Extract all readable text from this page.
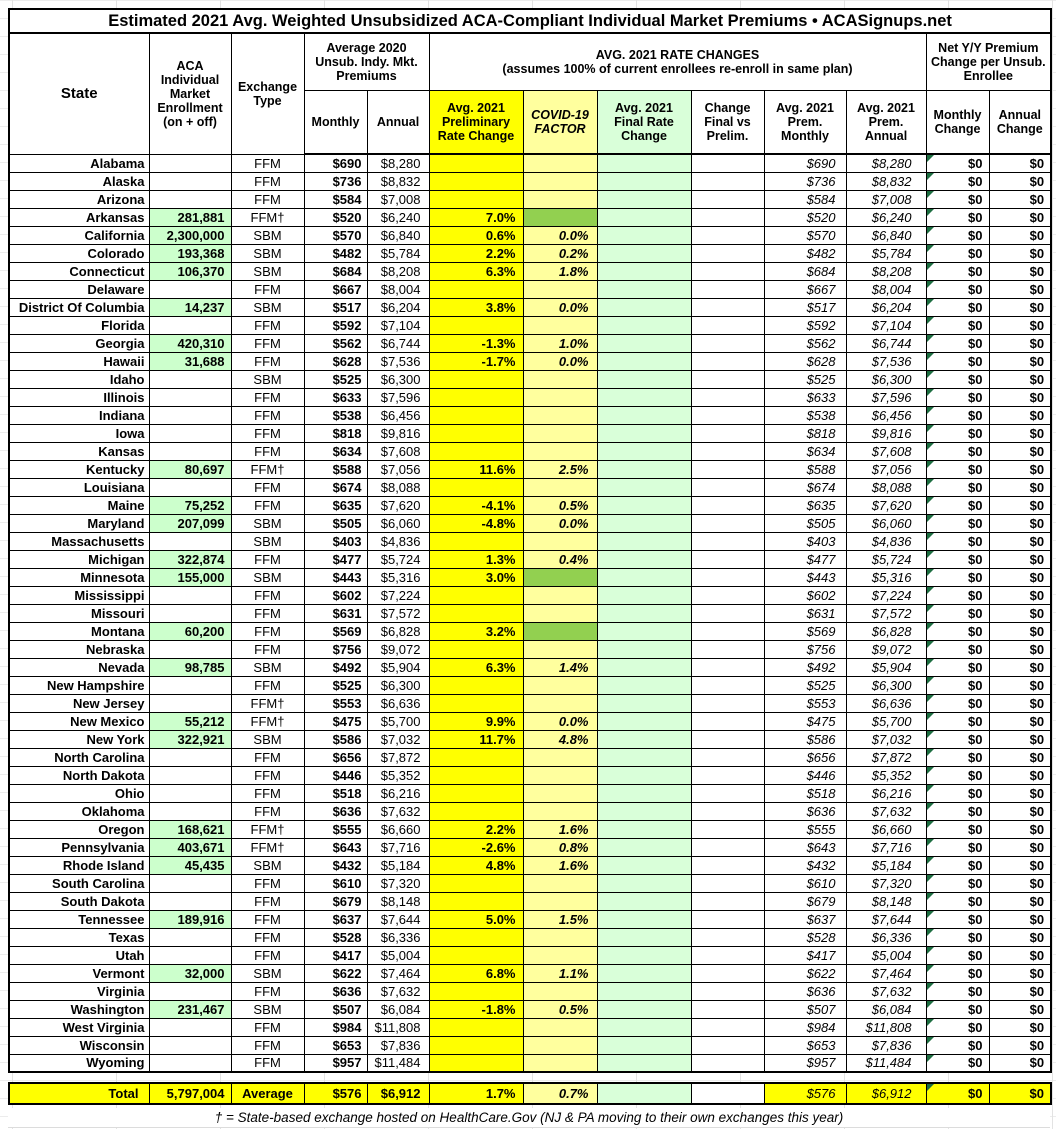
Estimated 2021 Avg. Weighted Unsubsidized ACA-Compliant Individual Market Premiums • ACASignups.net												
State	ACA Individual Market Enrollment (on + off)	Exchange Type	Average 2020 Unsub. Indy. Mkt. Premiums		AVG. 2021 RATE CHANGES
(assumes 100% of current enrollees re-enroll in same plan)						Net Y/Y Premium Change per Unsub. Enrollee	
			Monthly	Annual	Avg. 2021 Preliminary Rate Change	COVID-19 FACTOR	Avg. 2021 Final Rate Change	Change Final vs Prelim.	Avg. 2021 Prem. Monthly	Avg. 2021 Prem. Annual	Monthly Change	Annual Change
Alabama		FFM	$690	$8,280					$690	$8,280	$0	$0
Alaska		FFM	$736	$8,832					$736	$8,832	$0	$0
Arizona		FFM	$584	$7,008					$584	$7,008	$0	$0
Arkansas	281,881	FFM†	$520	$6,240	7.0%				$520	$6,240	$0	$0
California	2,300,000	SBM	$570	$6,840	0.6%	0.0%			$570	$6,840	$0	$0
Colorado	193,368	SBM	$482	$5,784	2.2%	0.2%			$482	$5,784	$0	$0
Connecticut	106,370	SBM	$684	$8,208	6.3%	1.8%			$684	$8,208	$0	$0
Delaware		FFM	$667	$8,004					$667	$8,004	$0	$0
District Of Columbia	14,237	SBM	$517	$6,204	3.8%	0.0%			$517	$6,204	$0	$0
Florida		FFM	$592	$7,104					$592	$7,104	$0	$0
Georgia	420,310	FFM	$562	$6,744	-1.3%	1.0%			$562	$6,744	$0	$0
Hawaii	31,688	FFM	$628	$7,536	-1.7%	0.0%			$628	$7,536	$0	$0
Idaho		SBM	$525	$6,300					$525	$6,300	$0	$0
Illinois		FFM	$633	$7,596					$633	$7,596	$0	$0
Indiana		FFM	$538	$6,456					$538	$6,456	$0	$0
Iowa		FFM	$818	$9,816					$818	$9,816	$0	$0
Kansas		FFM	$634	$7,608					$634	$7,608	$0	$0
Kentucky	80,697	FFM†	$588	$7,056	11.6%	2.5%			$588	$7,056	$0	$0
Louisiana		FFM	$674	$8,088					$674	$8,088	$0	$0
Maine	75,252	FFM	$635	$7,620	-4.1%	0.5%			$635	$7,620	$0	$0
Maryland	207,099	SBM	$505	$6,060	-4.8%	0.0%			$505	$6,060	$0	$0
Massachusetts		SBM	$403	$4,836					$403	$4,836	$0	$0
Michigan	322,874	FFM	$477	$5,724	1.3%	0.4%			$477	$5,724	$0	$0
Minnesota	155,000	SBM	$443	$5,316	3.0%				$443	$5,316	$0	$0
Mississippi		FFM	$602	$7,224					$602	$7,224	$0	$0
Missouri		FFM	$631	$7,572					$631	$7,572	$0	$0
Montana	60,200	FFM	$569	$6,828	3.2%				$569	$6,828	$0	$0
Nebraska		FFM	$756	$9,072					$756	$9,072	$0	$0
Nevada	98,785	SBM	$492	$5,904	6.3%	1.4%			$492	$5,904	$0	$0
New Hampshire		FFM	$525	$6,300					$525	$6,300	$0	$0
New Jersey		FFM†	$553	$6,636					$553	$6,636	$0	$0
New Mexico	55,212	FFM†	$475	$5,700	9.9%	0.0%			$475	$5,700	$0	$0
New York	322,921	SBM	$586	$7,032	11.7%	4.8%			$586	$7,032	$0	$0
North Carolina		FFM	$656	$7,872					$656	$7,872	$0	$0
North Dakota		FFM	$446	$5,352					$446	$5,352	$0	$0
Ohio		FFM	$518	$6,216					$518	$6,216	$0	$0
Oklahoma		FFM	$636	$7,632					$636	$7,632	$0	$0
Oregon	168,621	FFM†	$555	$6,660	2.2%	1.6%			$555	$6,660	$0	$0
Pennsylvania	403,671	FFM†	$643	$7,716	-2.6%	0.8%			$643	$7,716	$0	$0
Rhode Island	45,435	SBM	$432	$5,184	4.8%	1.6%			$432	$5,184	$0	$0
South Carolina		FFM	$610	$7,320					$610	$7,320	$0	$0
South Dakota		FFM	$679	$8,148					$679	$8,148	$0	$0
Tennessee	189,916	FFM	$637	$7,644	5.0%	1.5%			$637	$7,644	$0	$0
Texas		FFM	$528	$6,336					$528	$6,336	$0	$0
Utah		FFM	$417	$5,004					$417	$5,004	$0	$0
Vermont	32,000	SBM	$622	$7,464	6.8%	1.1%			$622	$7,464	$0	$0
Virginia		FFM	$636	$7,632					$636	$7,632	$0	$0
Washington	231,467	SBM	$507	$6,084	-1.8%	0.5%			$507	$6,084	$0	$0
West Virginia		FFM	$984	$11,808					$984	$11,808	$0	$0
Wisconsin		FFM	$653	$7,836					$653	$7,836	$0	$0
Wyoming		FFM	$957	$11,484					$957	$11,484	$0	$0
Total	5,797,004	Average	$576	$6,912	1.7%	0.7%			$576	$6,912	$0	$0
† = State-based exchange hosted on HealthCare.Gov (NJ & PA moving to their own exchanges this year)
